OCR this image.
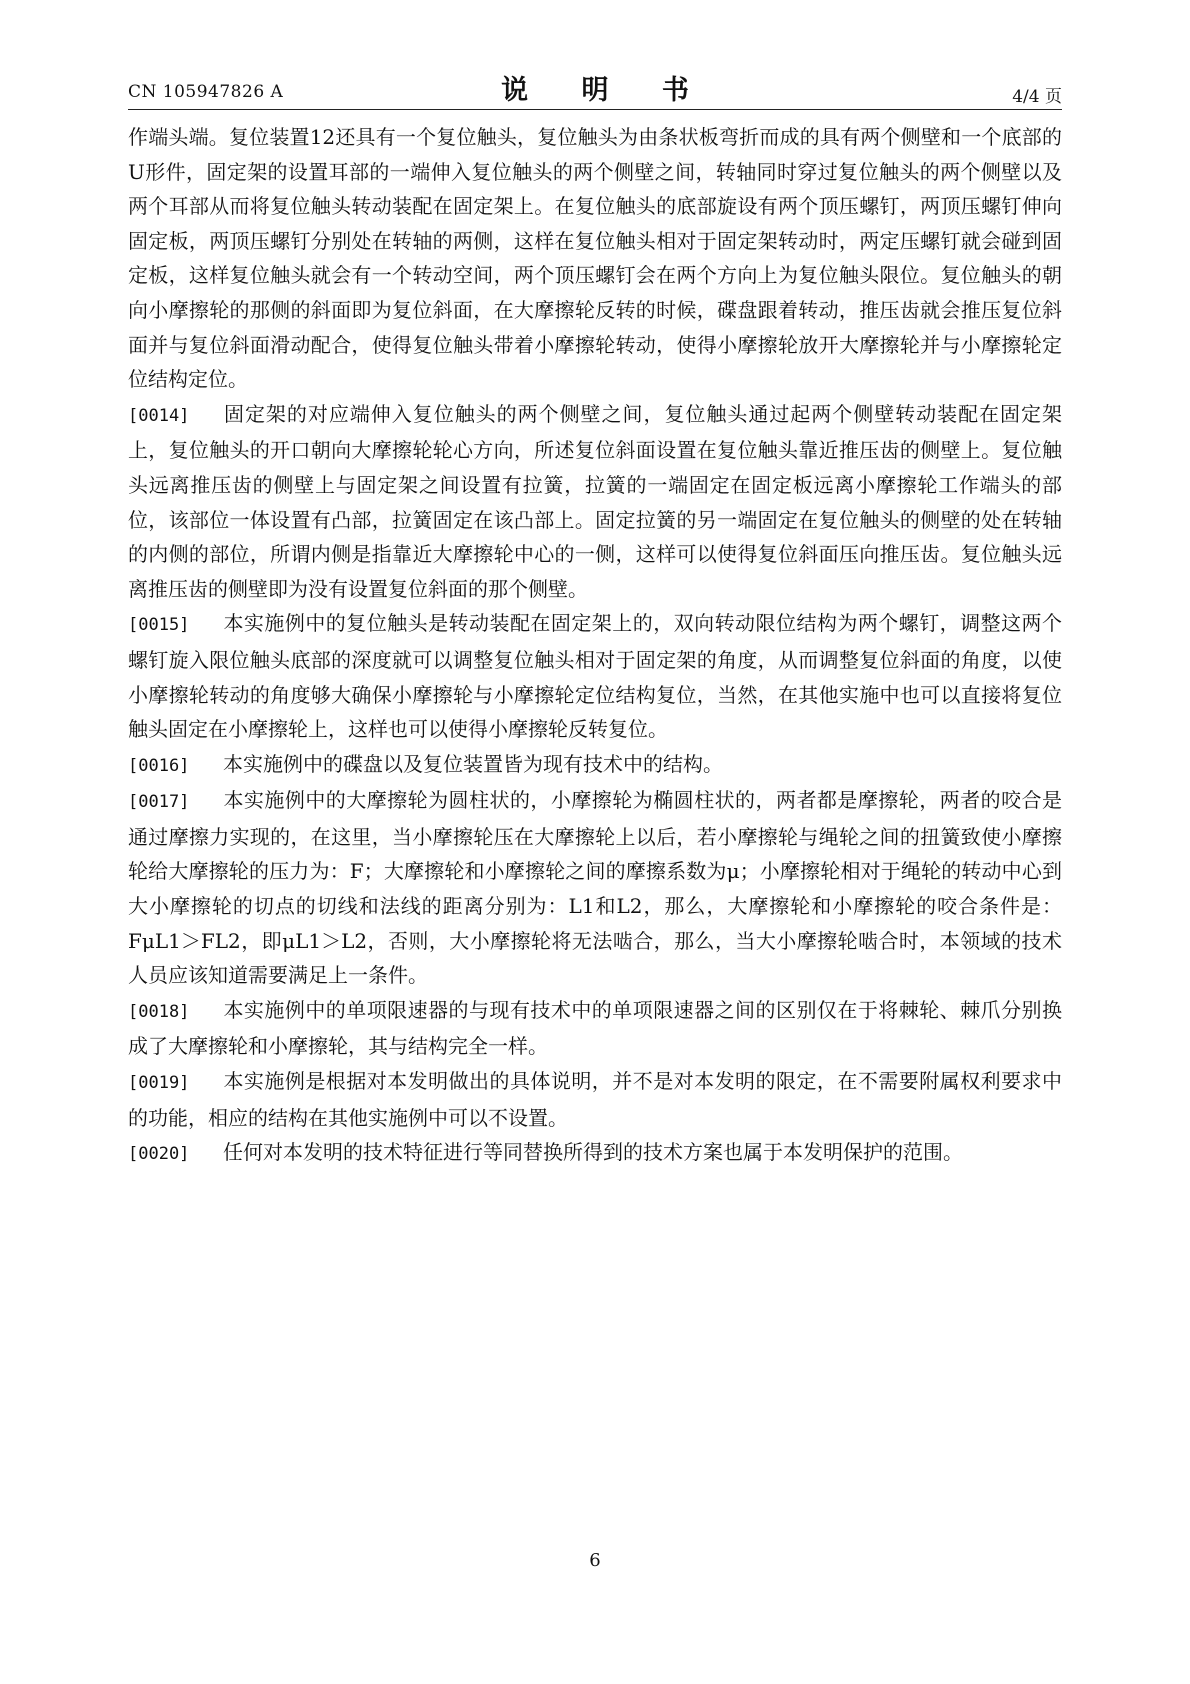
CN 105947826 A	说 明 书	4/4 页

作端头端。复位装置12还具有一个复位触头，复位触头为由条状板弯折而成的具有两个侧壁和一个底部的U形件，固定架的设置耳部的一端伸入复位触头的两个侧壁之间，转轴同时穿过复位触头的两个侧壁以及两个耳部从而将复位触头转动装配在固定架上。在复位触头的底部旋设有两个顶压螺钉，两顶压螺钉伸向固定板，两顶压螺钉分别处在转轴的两侧，这样在复位触头相对于固定架转动时，两定压螺钉就会碰到固定板，这样复位触头就会有一个转动空间，两个顶压螺钉会在两个方向上为复位触头限位。复位触头的朝向小摩擦轮的那侧的斜面即为复位斜面，在大摩擦轮反转的时候，碟盘跟着转动，推压齿就会推压复位斜面并与复位斜面滑动配合，使得复位触头带着小摩擦轮转动，使得小摩擦轮放开大摩擦轮并与小摩擦轮定位结构定位。

[0014] 固定架的对应端伸入复位触头的两个侧壁之间，复位触头通过起两个侧壁转动装配在固定架上，复位触头的开口朝向大摩擦轮轮心方向，所述复位斜面设置在复位触头靠近推压齿的侧壁上。复位触头远离推压齿的侧壁上与固定架之间设置有拉簧，拉簧的一端固定在固定板远离小摩擦轮工作端头的部位，该部位一体设置有凸部，拉簧固定在该凸部上。固定拉簧的另一端固定在复位触头的侧壁的处在转轴的内侧的部位，所谓内侧是指靠近大摩擦轮中心的一侧，这样可以使得复位斜面压向推压齿。复位触头远离推压齿的侧壁即为没有设置复位斜面的那个侧壁。

[0015] 本实施例中的复位触头是转动装配在固定架上的，双向转动限位结构为两个螺钉，调整这两个螺钉旋入限位触头底部的深度就可以调整复位触头相对于固定架的角度，从而调整复位斜面的角度，以使小摩擦轮转动的角度够大确保小摩擦轮与小摩擦轮定位结构复位，当然，在其他实施中也可以直接将复位触头固定在小摩擦轮上，这样也可以使得小摩擦轮反转复位。

[0016] 本实施例中的碟盘以及复位装置皆为现有技术中的结构。

[0017] 本实施例中的大摩擦轮为圆柱状的，小摩擦轮为椭圆柱状的，两者都是摩擦轮，两者的咬合是通过摩擦力实现的，在这里，当小摩擦轮压在大摩擦轮上以后，若小摩擦轮与绳轮之间的扭簧致使小摩擦轮给大摩擦轮的压力为：F；大摩擦轮和小摩擦轮之间的摩擦系数为μ；小摩擦轮相对于绳轮的转动中心到大小摩擦轮的切点的切线和法线的距离分别为：L1和L2，那么，大摩擦轮和小摩擦轮的咬合条件是：FμL1＞FL2，即μL1＞L2，否则，大小摩擦轮将无法啮合，那么，当大小摩擦轮啮合时，本领域的技术人员应该知道需要满足上一条件。

[0018] 本实施例中的单项限速器的与现有技术中的单项限速器之间的区别仅在于将棘轮、棘爪分别换成了大摩擦轮和小摩擦轮，其与结构完全一样。

[0019] 本实施例是根据对本发明做出的具体说明，并不是对本发明的限定，在不需要附属权利要求中的功能，相应的结构在其他实施例中可以不设置。

[0020] 任何对本发明的技术特征进行等同替换所得到的技术方案也属于本发明保护的范围。

6
